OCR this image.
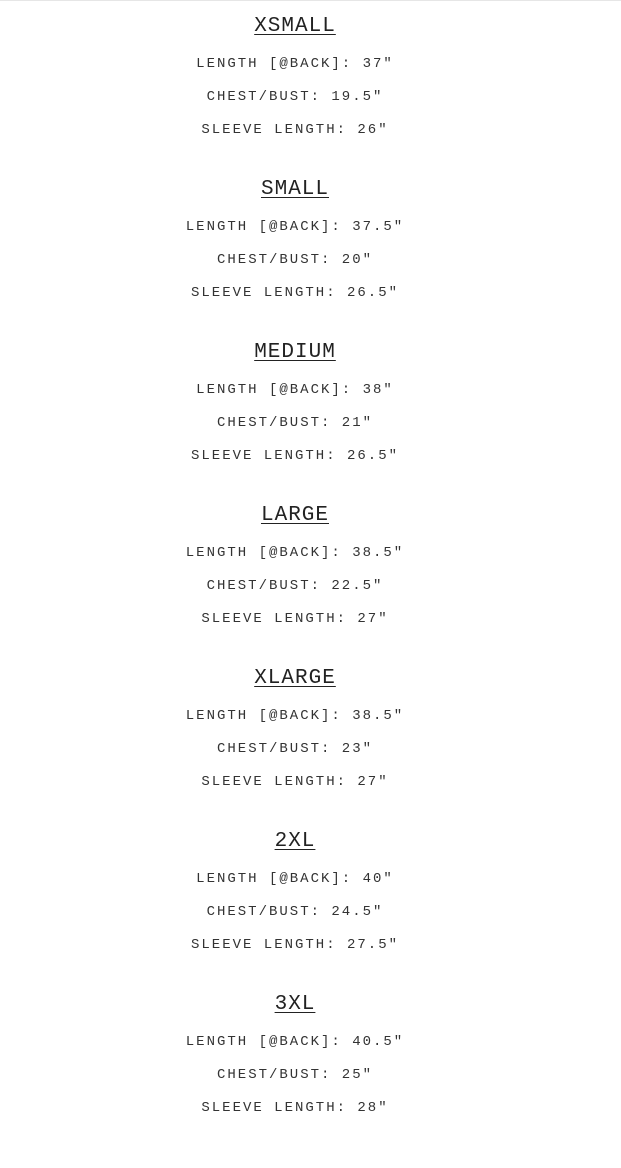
XSMALL
LENGTH [@BACK]: 37"
CHEST/BUST: 19.5"
SLEEVE LENGTH: 26"
SMALL
LENGTH [@BACK]: 37.5"
CHEST/BUST: 20"
SLEEVE LENGTH: 26.5"
MEDIUM
LENGTH [@BACK]: 38"
CHEST/BUST: 21"
SLEEVE LENGTH: 26.5"
LARGE
LENGTH [@BACK]: 38.5"
CHEST/BUST: 22.5"
SLEEVE LENGTH: 27"
XLARGE
LENGTH [@BACK]: 38.5"
CHEST/BUST: 23"
SLEEVE LENGTH: 27"
2XL
LENGTH [@BACK]: 40"
CHEST/BUST: 24.5"
SLEEVE LENGTH: 27.5"
3XL
LENGTH [@BACK]: 40.5"
CHEST/BUST: 25"
SLEEVE LENGTH: 28"
